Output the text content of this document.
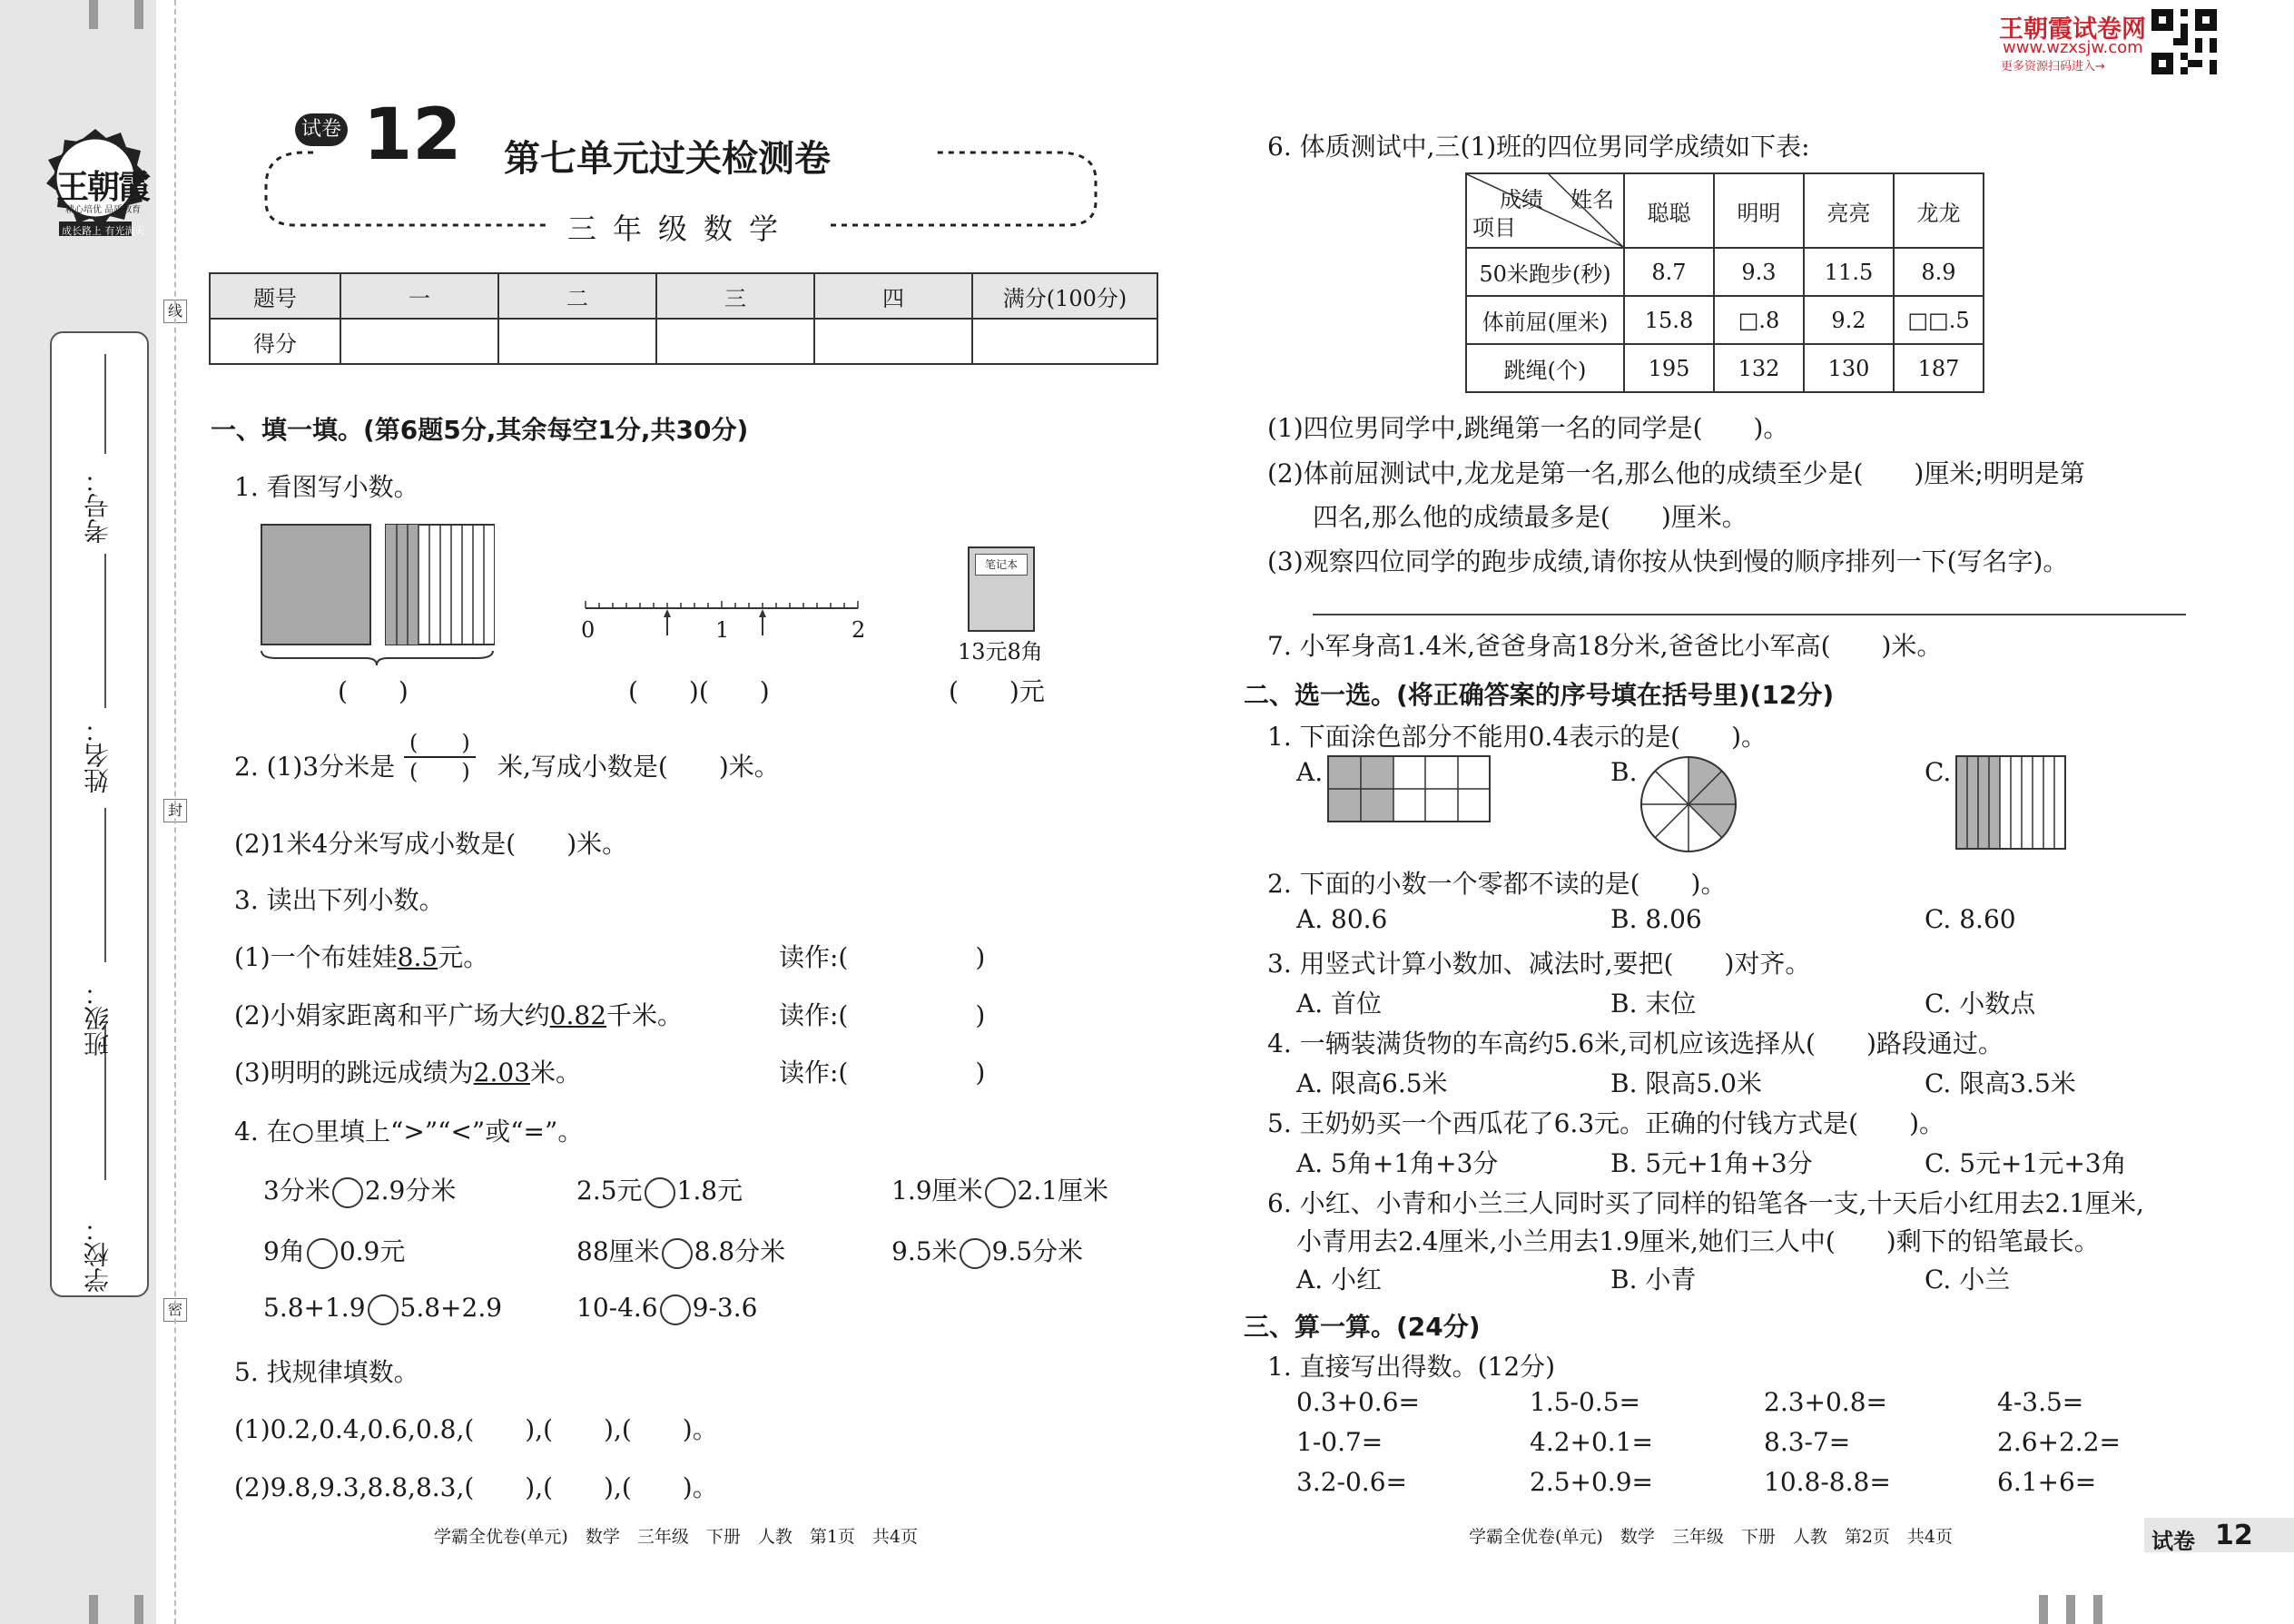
王朝霞
精心培优 品质教育
成长路上 有光满天
学校：
班级：
姓名：
考号：
线
封
密
试卷 12 第七单元过关检测卷
三年级数学
题号	一	二	三	四	满分(100分)
得分					
一、填一填。(第6题5分,其余每空1分,共30分)
1. 看图写小数。
(　　)
0	1	2
(　　)(　　)
笔记本
13元8角
(　　)元
2. (1)3分米是
(　　)
(　　) 米,写成小数是(　　)米。
(2)1米4分米写成小数是(　　)米。
3. 读出下列小数。
(1)一个布娃娃8.5元。	读作:(　　　　　)
(2)小娟家距离和平广场大约0.82千米。	读作:(　　　　　)
(3)明明的跳远成绩为2.03米。	读作:(　　　　　)
4. 在○里填上“>”“<”或“=”。
3分米 2.9分米	2.5元 1.8元	1.9厘米 2.1厘米
9角 0.9元	88厘米 8.8分米	9.5米 9.5分米
5.8+1.9 5.8+2.9	10-4.6 9-3.6
5. 找规律填数。
(1)0.2,0.4,0.6,0.8,(　　),(　　),(　　)。
(2)9.8,9.3,8.8,8.3,(　　),(　　),(　　)。
学霸全优卷(单元)　数学　三年级　下册　人教　第1页　共4页
王朝霞试卷网
www.wzxsjw.com
更多资源扫码进入→
6. 体质测试中,三(1)班的四位男同学成绩如下表:
姓名
成绩
项目	聪聪	明明	亮亮	龙龙
50米跑步(秒)	8.7	9.3	11.5	8.9
体前屈(厘米)	15.8	□.8	9.2	□□.5
跳绳(个)	195	132	130	187
(1)四位男同学中,跳绳第一名的同学是(　　)。
(2)体前屈测试中,龙龙是第一名,那么他的成绩至少是(　　)厘米;明明是第
四名,那么他的成绩最多是(　　)厘米。
(3)观察四位同学的跑步成绩,请你按从快到慢的顺序排列一下(写名字)。
7. 小军身高1.4米,爸爸身高18分米,爸爸比小军高(　　)米。
二、选一选。(将正确答案的序号填在括号里)(12分)
1. 下面涂色部分不能用0.4表示的是(　　)。
A.	B.	C.
2. 下面的小数一个零都不读的是(　　)。
A. 80.6	B. 8.06	C. 8.60
3. 用竖式计算小数加、减法时,要把(　　)对齐。
A. 首位	B. 末位	C. 小数点
4. 一辆装满货物的车高约5.6米,司机应该选择从(　　)路段通过。
A. 限高6.5米	B. 限高5.0米	C. 限高3.5米
5. 王奶奶买一个西瓜花了6.3元。正确的付钱方式是(　　)。
A. 5角+1角+3分	B. 5元+1角+3分	C. 5元+1元+3角
6. 小红、小青和小兰三人同时买了同样的铅笔各一支,十天后小红用去2.1厘米,
小青用去2.4厘米,小兰用去1.9厘米,她们三人中(　　)剩下的铅笔最长。
A. 小红	B. 小青	C. 小兰
三、算一算。(24分)
1. 直接写出得数。(12分)
0.3+0.6=	1.5-0.5=	2.3+0.8=	4-3.5=
1-0.7=	4.2+0.1=	8.3-7=	2.6+2.2=
3.2-0.6=	2.5+0.9=	10.8-8.8=	6.1+6=
学霸全优卷(单元)　数学　三年级　下册　人教　第2页　共4页	试卷 12
